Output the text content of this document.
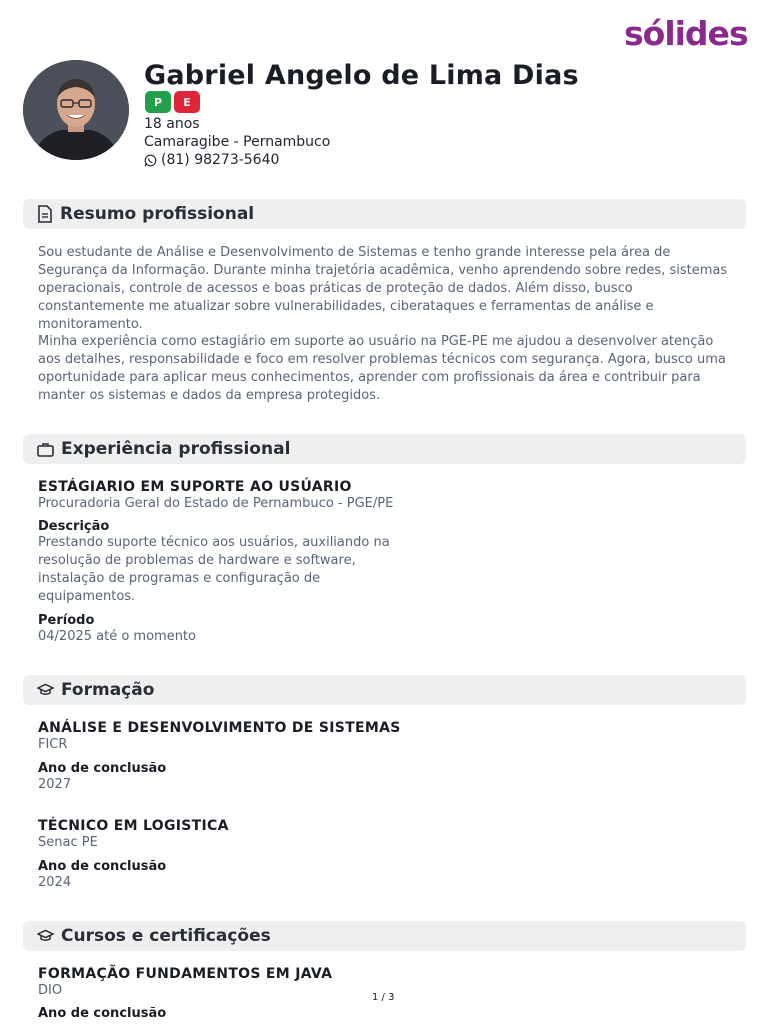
sólides
Gabriel Angelo de Lima Dias
P	E
18 anos
Camaragibe - Pernambuco
(81) 98273-5640
Resumo profissional
Sou estudante de Análise e Desenvolvimento de Sistemas e tenho grande interesse pela área de Segurança da Informação. Durante minha trajetória acadêmica, venho aprendendo sobre redes, sistemas operacionais, controle de acessos e boas práticas de proteção de dados. Além disso, busco constantemente me atualizar sobre vulnerabilidades, ciberataques e ferramentas de análise e monitoramento.
Minha experiência como estagiário em suporte ao usuário na PGE-PE me ajudou a desenvolver atenção aos detalhes, responsabilidade e foco em resolver problemas técnicos com segurança. Agora, busco uma oportunidade para aplicar meus conhecimentos, aprender com profissionais da área e contribuir para manter os sistemas e dados da empresa protegidos.
Experiência profissional
ESTÁGIARIO EM SUPORTE AO USÚARIO
Procuradoria Geral do Estado de Pernambuco - PGE/PE
Descrição
Prestando suporte técnico aos usuários, auxiliando na resolução de problemas de hardware e software, instalação de programas e configuração de equipamentos.
Período
04/2025 até o momento
Formação
ANÁLISE E DESENVOLVIMENTO DE SISTEMAS
FICR
Ano de conclusão
2027
TÉCNICO EM LOGISTICA
Senac PE
Ano de conclusão
2024
Cursos e certificações
FORMAÇÃO FUNDAMENTOS EM JAVA
DIO
Ano de conclusão
1 / 3
